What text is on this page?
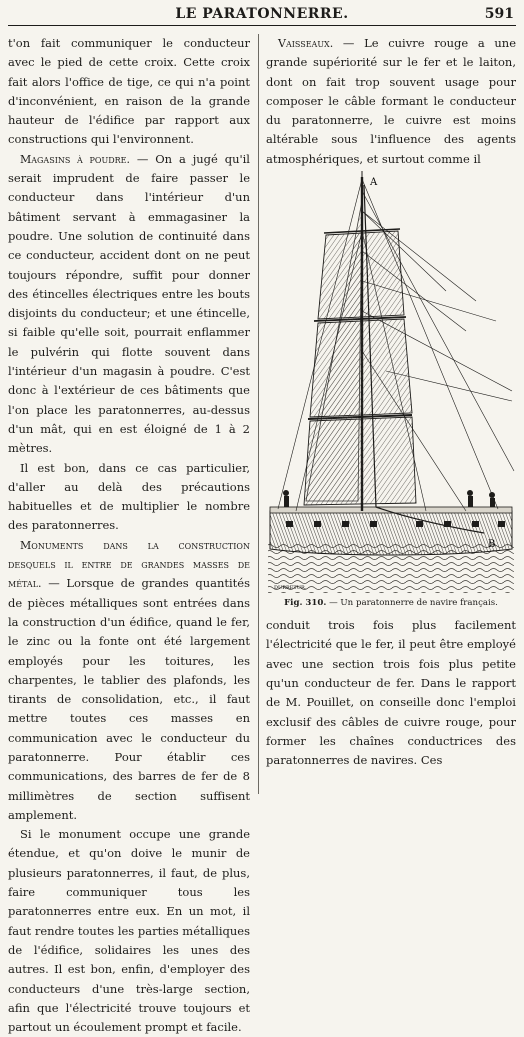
LE PARATONNERRE.	591

t'on fait communiquer le conducteur avec le pied de cette croix. Cette croix fait alors l'office de tige, ce qui n'a point d'inconvénient, en raison de la grande hauteur de l'édifice par rapport aux constructions qui l'environnent.

Magasins à poudre. — On a jugé qu'il serait imprudent de faire passer le conducteur dans l'intérieur d'un bâtiment servant à emmagasiner la poudre. Une solution de continuité dans ce conducteur, accident dont on ne peut toujours répondre, suffit pour donner des étincelles électriques entre les bouts disjoints du conducteur; et une étincelle, si faible qu'elle soit, pourrait enflammer le pulvérin qui flotte souvent dans l'intérieur d'un magasin à poudre. C'est donc à l'extérieur de ces bâtiments que l'on place les paratonnerres, au-dessus d'un mât, qui en est éloigné de 1 à 2 mètres.

Il est bon, dans ce cas particulier, d'aller au delà des précautions habituelles et de multiplier le nombre des paratonnerres.

Monuments dans la construction desquels il entre de grandes masses de métal. — Lorsque de grandes quantités de pièces métalliques sont entrées dans la construction d'un édifice, quand le fer, le zinc ou la fonte ont été largement employés pour les toitures, les charpentes, le tablier des plafonds, les tirants de consolidation, etc., il faut mettre toutes ces masses en communication avec le conducteur du paratonnerre. Pour établir ces communications, des barres de fer de 8 millimètres de section suffisent amplement.

Si le monument occupe une grande étendue, et qu'on doive le munir de plusieurs paratonnerres, il faut, de plus, faire communiquer tous les paratonnerres entre eux. En un mot, il faut rendre toutes les parties métalliques de l'édifice, solidaires les unes des autres. Il est bon, enfin, d'employer des conducteurs d'une très-large section, afin que l'électricité trouve toujours et partout un écoulement prompt et facile.

Vaisseaux. — Le cuivre rouge a une grande supériorité sur le fer et le laiton, dont on fait trop souvent usage pour composer le câble formant le conducteur du paratonnerre, le cuivre est moins altérable sous l'influence des agents atmosphériques, et surtout comme il

A
B
DURRETUR.
Fig. 310. — Un paratonnerre de navire français.

conduit trois fois plus facilement l'électricité que le fer, il peut être employé avec une section trois fois plus petite qu'un conducteur de fer. Dans le rapport de M. Pouillet, on conseille donc l'emploi exclusif des câbles de cuivre rouge, pour former les chaînes conductrices des paratonnerres de navires. Ces
